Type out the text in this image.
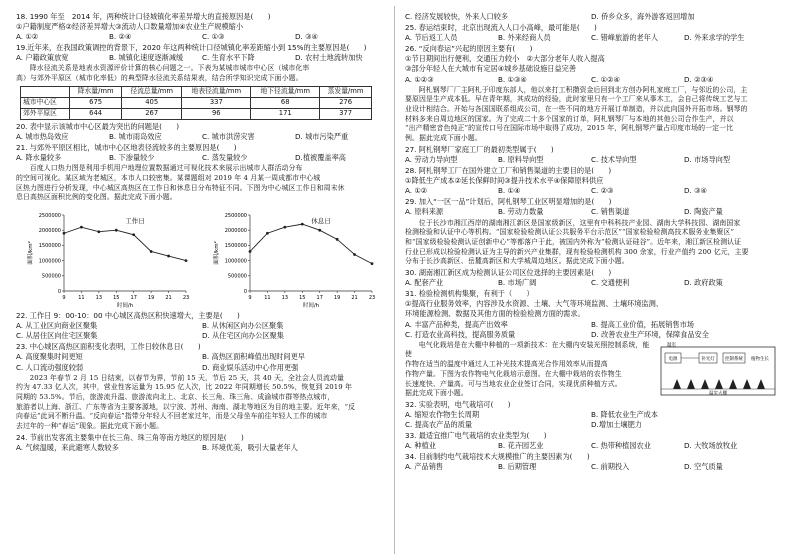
18. 1990 年至　2014 年，两种统计口径城镇化率差异增大的直接原因是(　　)
①户籍制度严格②经济差异增大③流动人口数量增加④农业生产规模缩小
A. ①②	B. ②④	C. ①③	D. ③④
19.近年来，在我国政策调控的背景下，2020 年这两种统计口径城镇化率差距缩小到 15%的主要原因是(　　)
A. 户籍政策放宽	B. 城镇化速度逐渐减缓	C. 生育水平下降	D. 农村土地流转加快
降水径流关系是地表水资源评价计算的核心问题之一。下表为某城市城市中心区（城市化率
高）与郊外平原区（城市化率低）的典型降水径流关系结果表，结合所学知识完成下面小题。
	降水量/mm	径流总量/mm	地表径流量/mm	地下径流量/mm	蒸发量/mm
城市中心区	675	405	337	68	276
郊外平原区	644	267	96	171	377
20. 表中显示该城市中心区最为突出的问题是(　　)
A. 城市热岛效应	B. 城市雨岛效应	C. 城市洪涝灾害	D. 城市污染严重
21. 与郊外平原区相比，城市中心区地表径流较多的主要原因是(　　)
A. 降水量较多	B. 下渗量较少	C. 蒸发量较少	D.植被覆盖率高
百度人口热力图是利用手机用户地理位置数据通过可视化技术来展示出城市人群活动分布
的空间可视化。某区域为老城区，本市人口较密集。某课题组对 2019 年 4 月某一周成都市中心城
区热力图进行分析发现，中心城区高热区在工作日和休息日分布特征不同。下图为中心城区工作日和周末休
息日高热区面积比例的变化图。据此完成下面小题。
0
500000
1000000
1500000
2000000
2500000
9	11 13 15 17 19 21 23
工作日
时间/h
面积/km²
0
500000
1000000
1500000
2000000
2500000
9	11 13 15 17 19 21 23
休息日
时间/h
面积/km²
22. 工作日 9：00-10：00 中心城区高热区积快速增大，主要是(　　)
A. 从工业区向商业区聚集	B. 从休闲区向办公区聚集
C. 从居住区向住宅区聚集	D. 从住宅区向办公区聚集
23. 中心城区高热区面积变化表明，工作日较休息日(　　)
A. 高度聚集时间更短	B. 高热区面积峰值出现时间更早
C. 人口流动强度较弱	D. 商业娱乐活动中心作用更强
2023 年春节 2 月 15 日结束，以春节为界，节前 15 天，节后 25 天，共 40 天，全社会人员流动量
约为 47.33 亿人次，其中，营业性客运量为 15.95 亿人次，比 2022 年同期增长 50.5%，恢复到 2019 年
同期的 53.5%。节后，旅游流升温、旅游流向北上、北京、长三角、珠三角、成渝城市群等热点城市，
旅游者以上海、浙江、广东等省为主要客源地，以宁波、苏州、海南、湖北等地区为目的地主要。近年来，“反
向春运”此词不断升温。“反向春运”指带分年轻人不回老家过年，而是父母坐车前往年轻人工作的城市
去过年的一种“春运”现象。据此完成下面小题。
24. 节前出发客流主要集中在长三角、珠三角等南方地区的原因是(　　)
A. 气候温暖，来此避寒人数较多	B. 环境优美，吸引大量老年人
C. 经济发展较快，外来人口较多	D. 侨乡众多，海外游客返回增加
25. 春运结束时，北京出现流入人口小高峰，最可能是(　　)
A. 节后返工人员	B. 外来经商人员	C. 错峰旅游的老年人	D. 外来求学的学生
26. “反向春运”兴起的原因主要有(　　)
①节日期间出行便利，交通压力较小　②大部分老年人收入提高
③部分年轻人在大城市有定居④城乡基础设施日益完善
A. ①②③	B. ①③④	C. ①②④	D. ②③④
阿札钢琴厂厂主阿札于印度东部人，他以来打工积攒资金后回到北方创办阿札家庭工厂，与邻近的公司，主
要原因是生产成本低。早在青年期，其成功的经验，此时家里只有一个工厂来从事木工，会自己将传统工艺与工
业设计相结合。开始与各国国联系组成公司，在一些不同的地方开展订单制造，并以此向国外开拓市场。钢琴的
材料多来自周边地区的国家。为了完成二十多个国家的订单，阿札钢琴厂与本地的其他公司合作生产，并以
“出产精密音色纯正”的宣传口号在国际市场中取得了成功，2015 年，阿札钢琴产量占印度市场的一定一比
例。据此完成下面小题。
27. 阿札钢琴厂家庭工厂的最初类型属于(　　)
A. 劳动力导向型	B. 原料导向型	C. 技术导向型	D. 市场导向型
28. 阿札钢琴工厂在国外建立工厂和销售渠道的主要目的是(　　)
①降低生产成本②延长保鲜时间③提升技术水平④保障原料供应
A. ①②	B. ①④	C. ②③	D. ③④
29. 加入“一区一品”计划后，阿札钢琴工业区明显增加的是(　　)
A. 原料来源	B. 劳动力数量	C. 销售渠道	D. 陶瓷产量
位于长沙市湘江西岸的湖南湘江新区是国家级新区，这里有中科科技产业园、湖南大学科技园、湖南国家
检测检验和认证中心等机构。“国家检验检测认证公共服务平台示范区”“国家检验检测高技术服务业集聚区”
和“国家级检验检测认证创新中心”等都落户于此，被国内外称为“检测认证硅谷”。近年来，湘江新区检测认证
行业已形成以检验检测认证为主导的新兴产业集群，现有检验检测机构 300 余家，行业产值约 200 亿元，主要
分布于长沙高新区、岳麓高新区和大学城周边地区。据此完成下面小题。
30. 湖南湘江新区成为检测认证公司区位选择的主要因素是(　　)
A. 配套产业	B. 市场广阔	C. 交通便利	D. 政府政策
31. 检验检测机构集聚，有利于（　　）
①提高行业服务效率，内容涉及水资源、土壤、大气等环境监测、土壤环境监测、
环境能源检测、数据及其他方面的检验检测方面的需求。
A. 丰富产品种类，提高产出效率	B. 提高工业价值，拓展销售市场
C. 打造农业高科技，提高服务质量	D. 改善农业生产环境，保障食品安全
电源	补光灯 控制系统 植物生长
温室大棚
温室
电气化栽培是在大棚中种植的一项新技术：在大棚内安装光照控制系统，能使
作物在适当的温度中通过人工补光技术提高光合作用效率从而提高
作物产量。下图为农作物电气化栽培示意图。在大棚中栽培的农作物生
长速度快、产量高。可与当地农业企业签订合同，实现优质种植方式。
据此完成下面小题。
32. 实验表明，电气栽培可(　　)
A. 缩短农作物生长周期	B. 降低农业生产成本
C. 提高农产品的质量	D.增加土壤肥力
33. 最适宜推广电气栽培的农业类型为(　　)
A. 种植业	B. 花卉园艺业	C. 热带种植园农业	D. 大牧场放牧业
34. 目前制约电气栽培技术大规模推广的主要因素为(　　)
A. 产品销售	B. 后期管理	C. 前期投入	D. 空气质量
